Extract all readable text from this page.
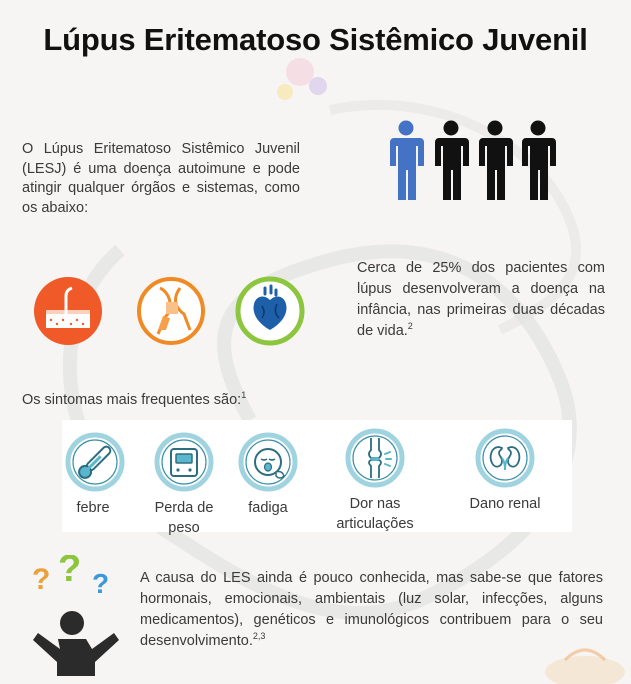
Lúpus Eritematoso Sistêmico Juvenil

O Lúpus Eritematoso Sistêmico Juvenil (LESJ) é uma doença autoimune e pode atingir qualquer órgãos e sistemas, como os abaixo:

Cerca de 25% dos pacientes com lúpus desenvolveram a doença na infância, nas primeiras duas décadas de vida.$^2$

Os sintomas mais frequentes são:$^1$

febre	Perda de peso
fadiga	Dor nas articulações
Dano renal
? ? ? A causa do LES ainda é pouco conhecida, mas sabe-se que fatores hormonais, emocionais, ambientais (luz solar, infecções, alguns medicamentos), genéticos e imunológicos contribuem para o seu desenvolvimento.$^{2,3}$
